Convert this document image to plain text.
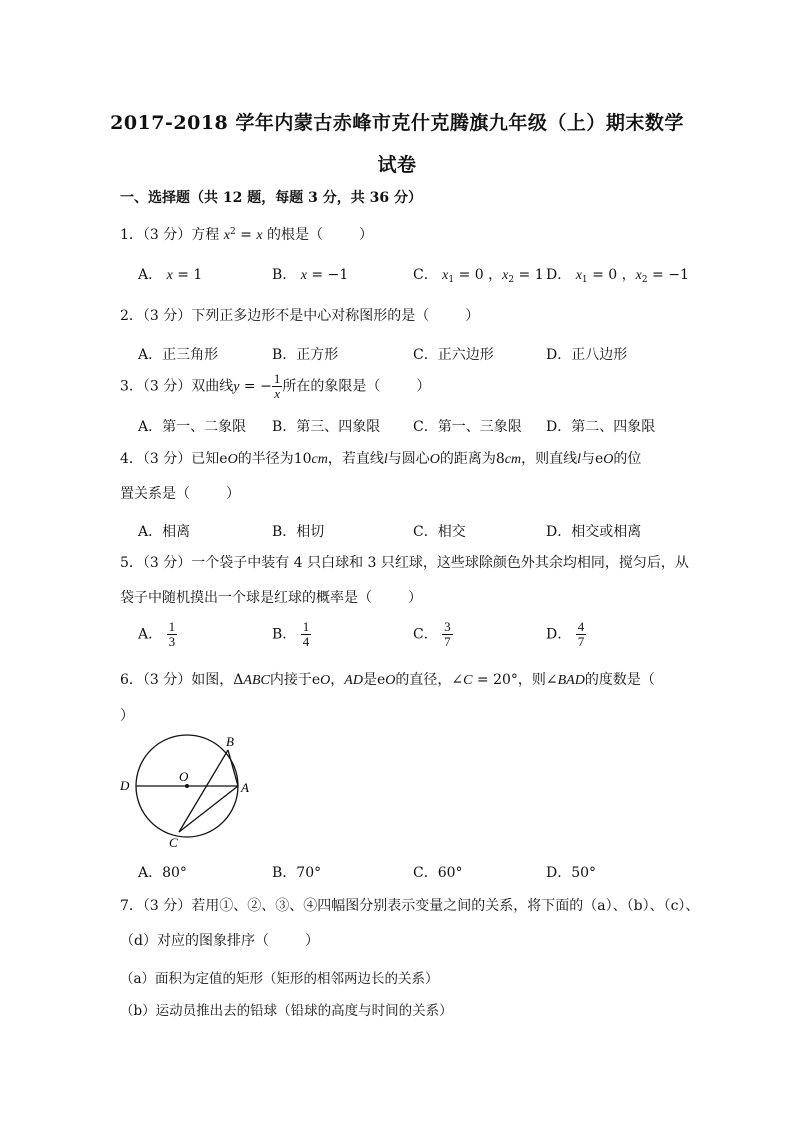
2017-2018 学年内蒙古赤峰市克什克腾旗九年级（上）期末数学
试卷
一、选择题（共 12 题，每题 3 分，共 36 分）
1．（3 分）方程 $x^2 = x$ 的根是（	）
A． x = 1	B． x = −1	C． $x_1 = 0$ ，$x_2 = 1$ D． $x_1 = 0$ ，$x_2 = -1$
2．（3 分）下列正多边形不是中心对称图形的是（	）
A．正三角形	B．正方形	C．正六边形	D．正八边形
3．（3 分）双曲线y = − $\frac{1}{x}$ 所在的象限是（	）
A．第一、二象限 B．第三、四象限 C．第一、三象限 D．第二、四象限
4．（3 分）已知eO的半径为10cm，若直线l与圆心O的距离为8cm，则直线l与eO的位
置关系是（	）
A．相离	B．相切	C．相交	D．相交或相离
5．（3 分）一个袋子中装有 4 只白球和 3 只红球，这些球除颜色外其余均相同，搅匀后，从
袋子中随机摸出一个球是红球的概率是（	）
A． $\frac{1}{3}$	B． $\frac{1}{4}$	C． $\frac{3}{7}$	D． $\frac{4}{7}$
6．（3 分）如图，ΔABC内接于eO，AD是eO的直径，∠C = 20°，则∠BAD的度数是（
）
B
O
D	A
C
A．80°	B．70°	C．60°	D．50°
7．（3 分）若用①、②、③、④四幅图分别表示变量之间的关系，将下面的（a）、（b）、（c）、
（d）对应的图象排序（	）
（a）面积为定值的矩形（矩形的相邻两边长的关系）
（b）运动员推出去的铅球（铅球的高度与时间的关系）
